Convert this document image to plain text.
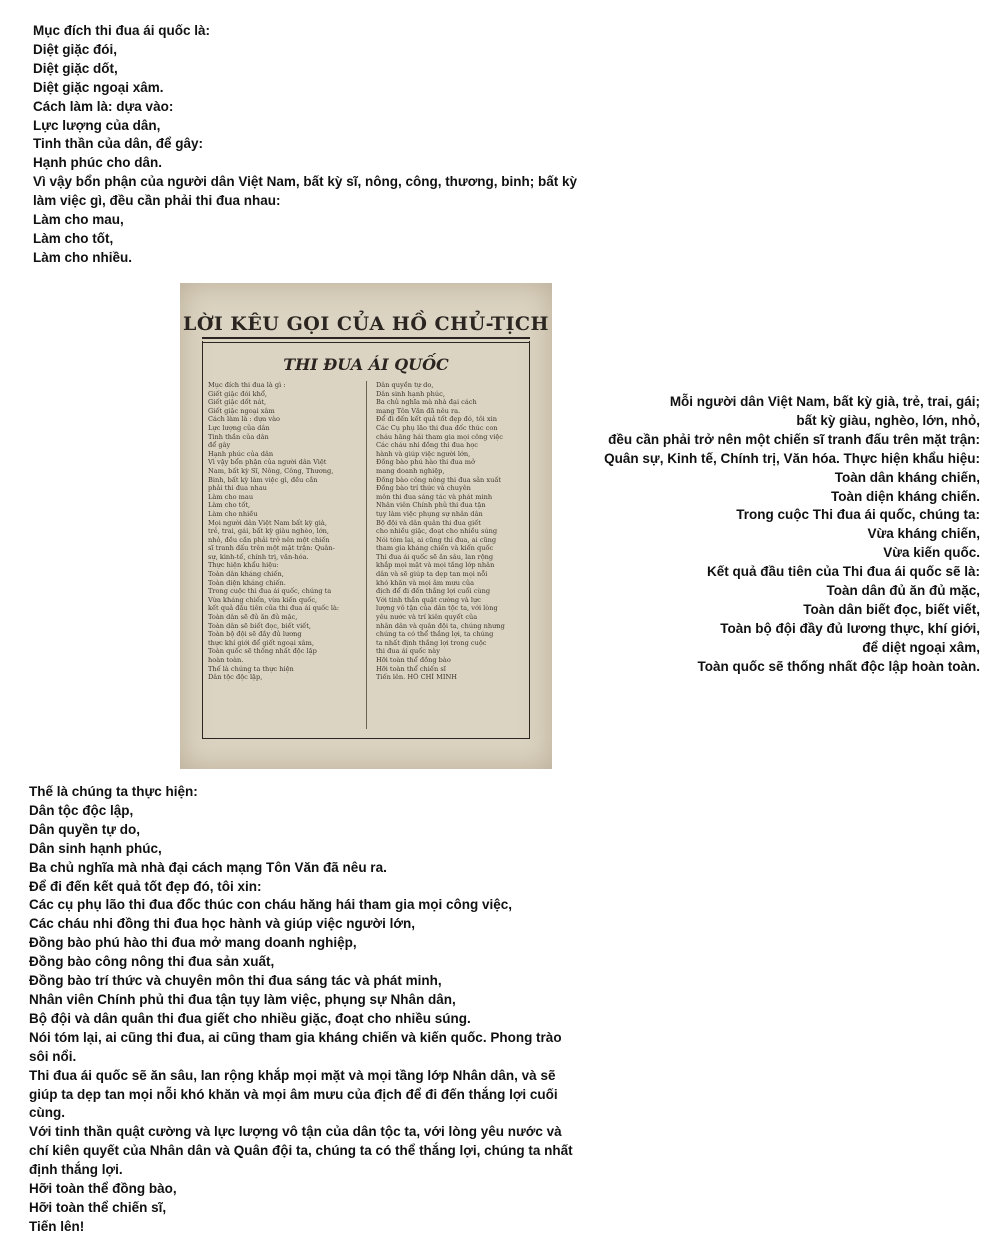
Mục đích thi đua ái quốc là:
Diệt giặc đói,
Diệt giặc dốt,
Diệt giặc ngoại xâm.
Cách làm là: dựa vào:
Lực lượng của dân,
Tinh thần của dân, để gây:
Hạnh phúc cho dân.
Vì vậy bổn phận của người dân Việt Nam, bất kỳ sĩ, nông, công, thương, binh; bất kỳ
làm việc gì, đều cần phải thi đua nhau:
Làm cho mau,
Làm cho tốt,
Làm cho nhiều.
LỜI KÊU GỌI CỦA HỒ CHỦ-TỊCH
THI ĐUA ÁI QUỐC
Mục đích thi đua là gì :
Giết giặc đói khổ,
Giết giặc dốt nát,
Giết giặc ngoại xâm
Cách làm là : dựa vào
Lực lượng của dân
Tinh thần của dân
để gây
Hạnh phúc của dân
Vì vậy bổn phận của người dân Việt
Nam, bất kỳ Sĩ, Nông, Công, Thương,
Binh, bất kỳ làm việc gì, đều cần
phải thi đua nhau
Làm cho mau
Làm cho tốt,
Làm cho nhiều
Mọi người dân Việt Nam bất kỳ già,
trẻ, trai, gái, bất kỳ giàu nghèo, lớn,
nhỏ, đều cần phải trở nên một chiến
sĩ tranh đấu trên một mặt trận: Quân-
sự, kinh-tế, chính trị, văn-hóa.
Thực hiện khẩu hiệu:
Toàn dân kháng chiến,
Toàn diện kháng chiến.
Trong cuộc thi đua ái quốc, chúng ta
Vừa kháng chiến, vừa kiến quốc,
kết quả đầu tiên của thi đua ái quốc là:
Toàn dân sẽ đủ ăn đủ mặc,
Toàn dân sẽ biết đọc, biết viết,
Toàn bộ đội sẽ đầy đủ lương
thực khí giới để giết ngoại xâm,
Toàn quốc sẽ thống nhất độc lập
hoàn toàn.
Thế là chúng ta thực hiện
Dân tộc độc lập,
Dân quyền tự do,
Dân sinh hạnh phúc,
Ba chủ nghĩa mà nhà đại cách
mạng Tôn Văn đã nêu ra.
Để đi đến kết quả tốt đẹp đó, tôi xin
Các Cụ phụ lão thi đua đốc thúc con
cháu hăng hái tham gia mọi công việc
Các cháu nhi đồng thi đua học
hành và giúp việc người lớn,
Đồng bào phú hào thi đua mở
mang doanh nghiệp,
Đồng bào công nông thi đua sản xuất
Đồng bào trí thức và chuyên
môn thi đua sáng tác và phát minh
Nhân viên Chính phủ thi đua tận
tụy làm việc phụng sự nhân dân
Bộ đội và dân quân thi đua giết
cho nhiều giặc, đoạt cho nhiều súng
Nói tóm lại, ai cũng thi đua, ai cũng
tham gia kháng chiến và kiến quốc
Thi đua ái quốc sẽ ăn sâu, lan rộng
khắp mọi mặt và mọi tầng lớp nhân
dân và sẽ giúp ta dẹp tan mọi nỗi
khó khăn và mọi âm mưu của
địch để đi đến thắng lợi cuối cùng
Với tinh thần quật cường và lực
lượng vô tận của dân tộc ta, với lòng
yêu nước và trí kiên quyết của
nhân dân và quân đội ta, chúng nhưng
chúng ta có thể thắng lợi, ta chúng
ta nhất định thắng lợi trong cuộc
thi đua ái quốc này
Hỡi toàn thể đồng bào
Hỡi toàn thể chiến sĩ
Tiến lên. HỒ CHÍ MINH
Mỗi người dân Việt Nam, bất kỳ già, trẻ, trai, gái;
bất kỳ giàu, nghèo, lớn, nhỏ,
đều cần phải trở nên một chiến sĩ tranh đấu trên mặt trận:
Quân sự, Kinh tế, Chính trị, Văn hóa. Thực hiện khẩu hiệu:
Toàn dân kháng chiến,
Toàn diện kháng chiến.
Trong cuộc Thi đua ái quốc, chúng ta:
Vừa kháng chiến,
Vừa kiến quốc.
Kết quả đầu tiên của Thi đua ái quốc sẽ là:
Toàn dân đủ ăn đủ mặc,
Toàn dân biết đọc, biết viết,
Toàn bộ đội đầy đủ lương thực, khí giới,
để diệt ngoại xâm,
Toàn quốc sẽ thống nhất độc lập hoàn toàn.
Thế là chúng ta thực hiện:
Dân tộc độc lập,
Dân quyền tự do,
Dân sinh hạnh phúc,
Ba chủ nghĩa mà nhà đại cách mạng Tôn Văn đã nêu ra.
Để đi đến kết quả tốt đẹp đó, tôi xin:
Các cụ phụ lão thi đua đốc thúc con cháu hăng hái tham gia mọi công việc,
Các cháu nhi đồng thi đua học hành và giúp việc người lớn,
Đồng bào phú hào thi đua mở mang doanh nghiệp,
Đồng bào công nông thi đua sản xuất,
Đồng bào trí thức và chuyên môn thi đua sáng tác và phát minh,
Nhân viên Chính phủ thi đua tận tụy làm việc, phụng sự Nhân dân,
Bộ đội và dân quân thi đua giết cho nhiều giặc, đoạt cho nhiều súng.
Nói tóm lại, ai cũng thi đua, ai cũng tham gia kháng chiến và kiến quốc. Phong trào
sôi nổi.
Thi đua ái quốc sẽ ăn sâu, lan rộng khắp mọi mặt và mọi tầng lớp Nhân dân, và sẽ
giúp ta dẹp tan mọi nỗi khó khăn và mọi âm mưu của địch để đi đến thắng lợi cuối
cùng.
Với tinh thần quật cường và lực lượng vô tận của dân tộc ta, với lòng yêu nước và
chí kiên quyết của Nhân dân và Quân đội ta, chúng ta có thể thắng lợi, chúng ta nhất
định thắng lợi.
Hỡi toàn thể đồng bào,
Hỡi toàn thể chiến sĩ,
Tiến lên!
